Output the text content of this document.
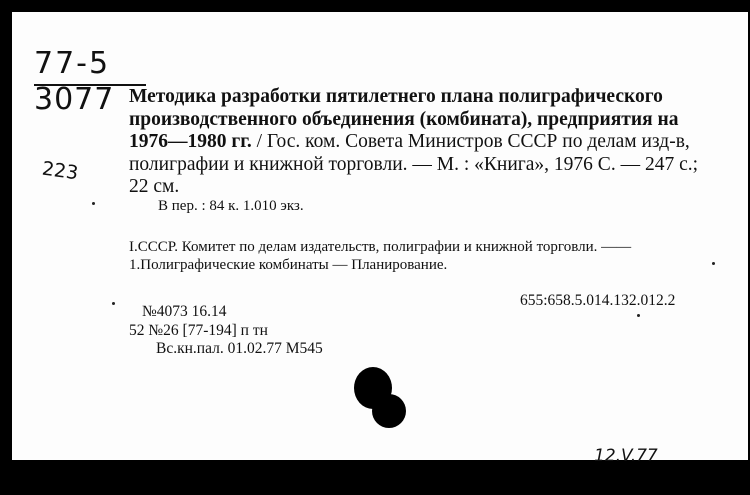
77-5
3077
223
Методика разработки пятилетнего плана полиграфического производственного объединения (комбината), предприятия на 1976—1980 гг. / Гос. ком. Совета Министров СССР по делам изд-в, полиграфии и книжной торговли. — М. : «Книга», 1976 С. — 247 с.; 22 см.
В пер. : 84 к. 1.010 экз.
I.СССР. Комитет по делам издательств, полиграфии и книжной торговли. ——1.Полиграфические комбинаты — Планирование.
655:658.5.014.132.012.2
№4073 16.14
52 №26 [77-194] п тн
Вс.кн.пал. 01.02.77 М545
12.V.77
